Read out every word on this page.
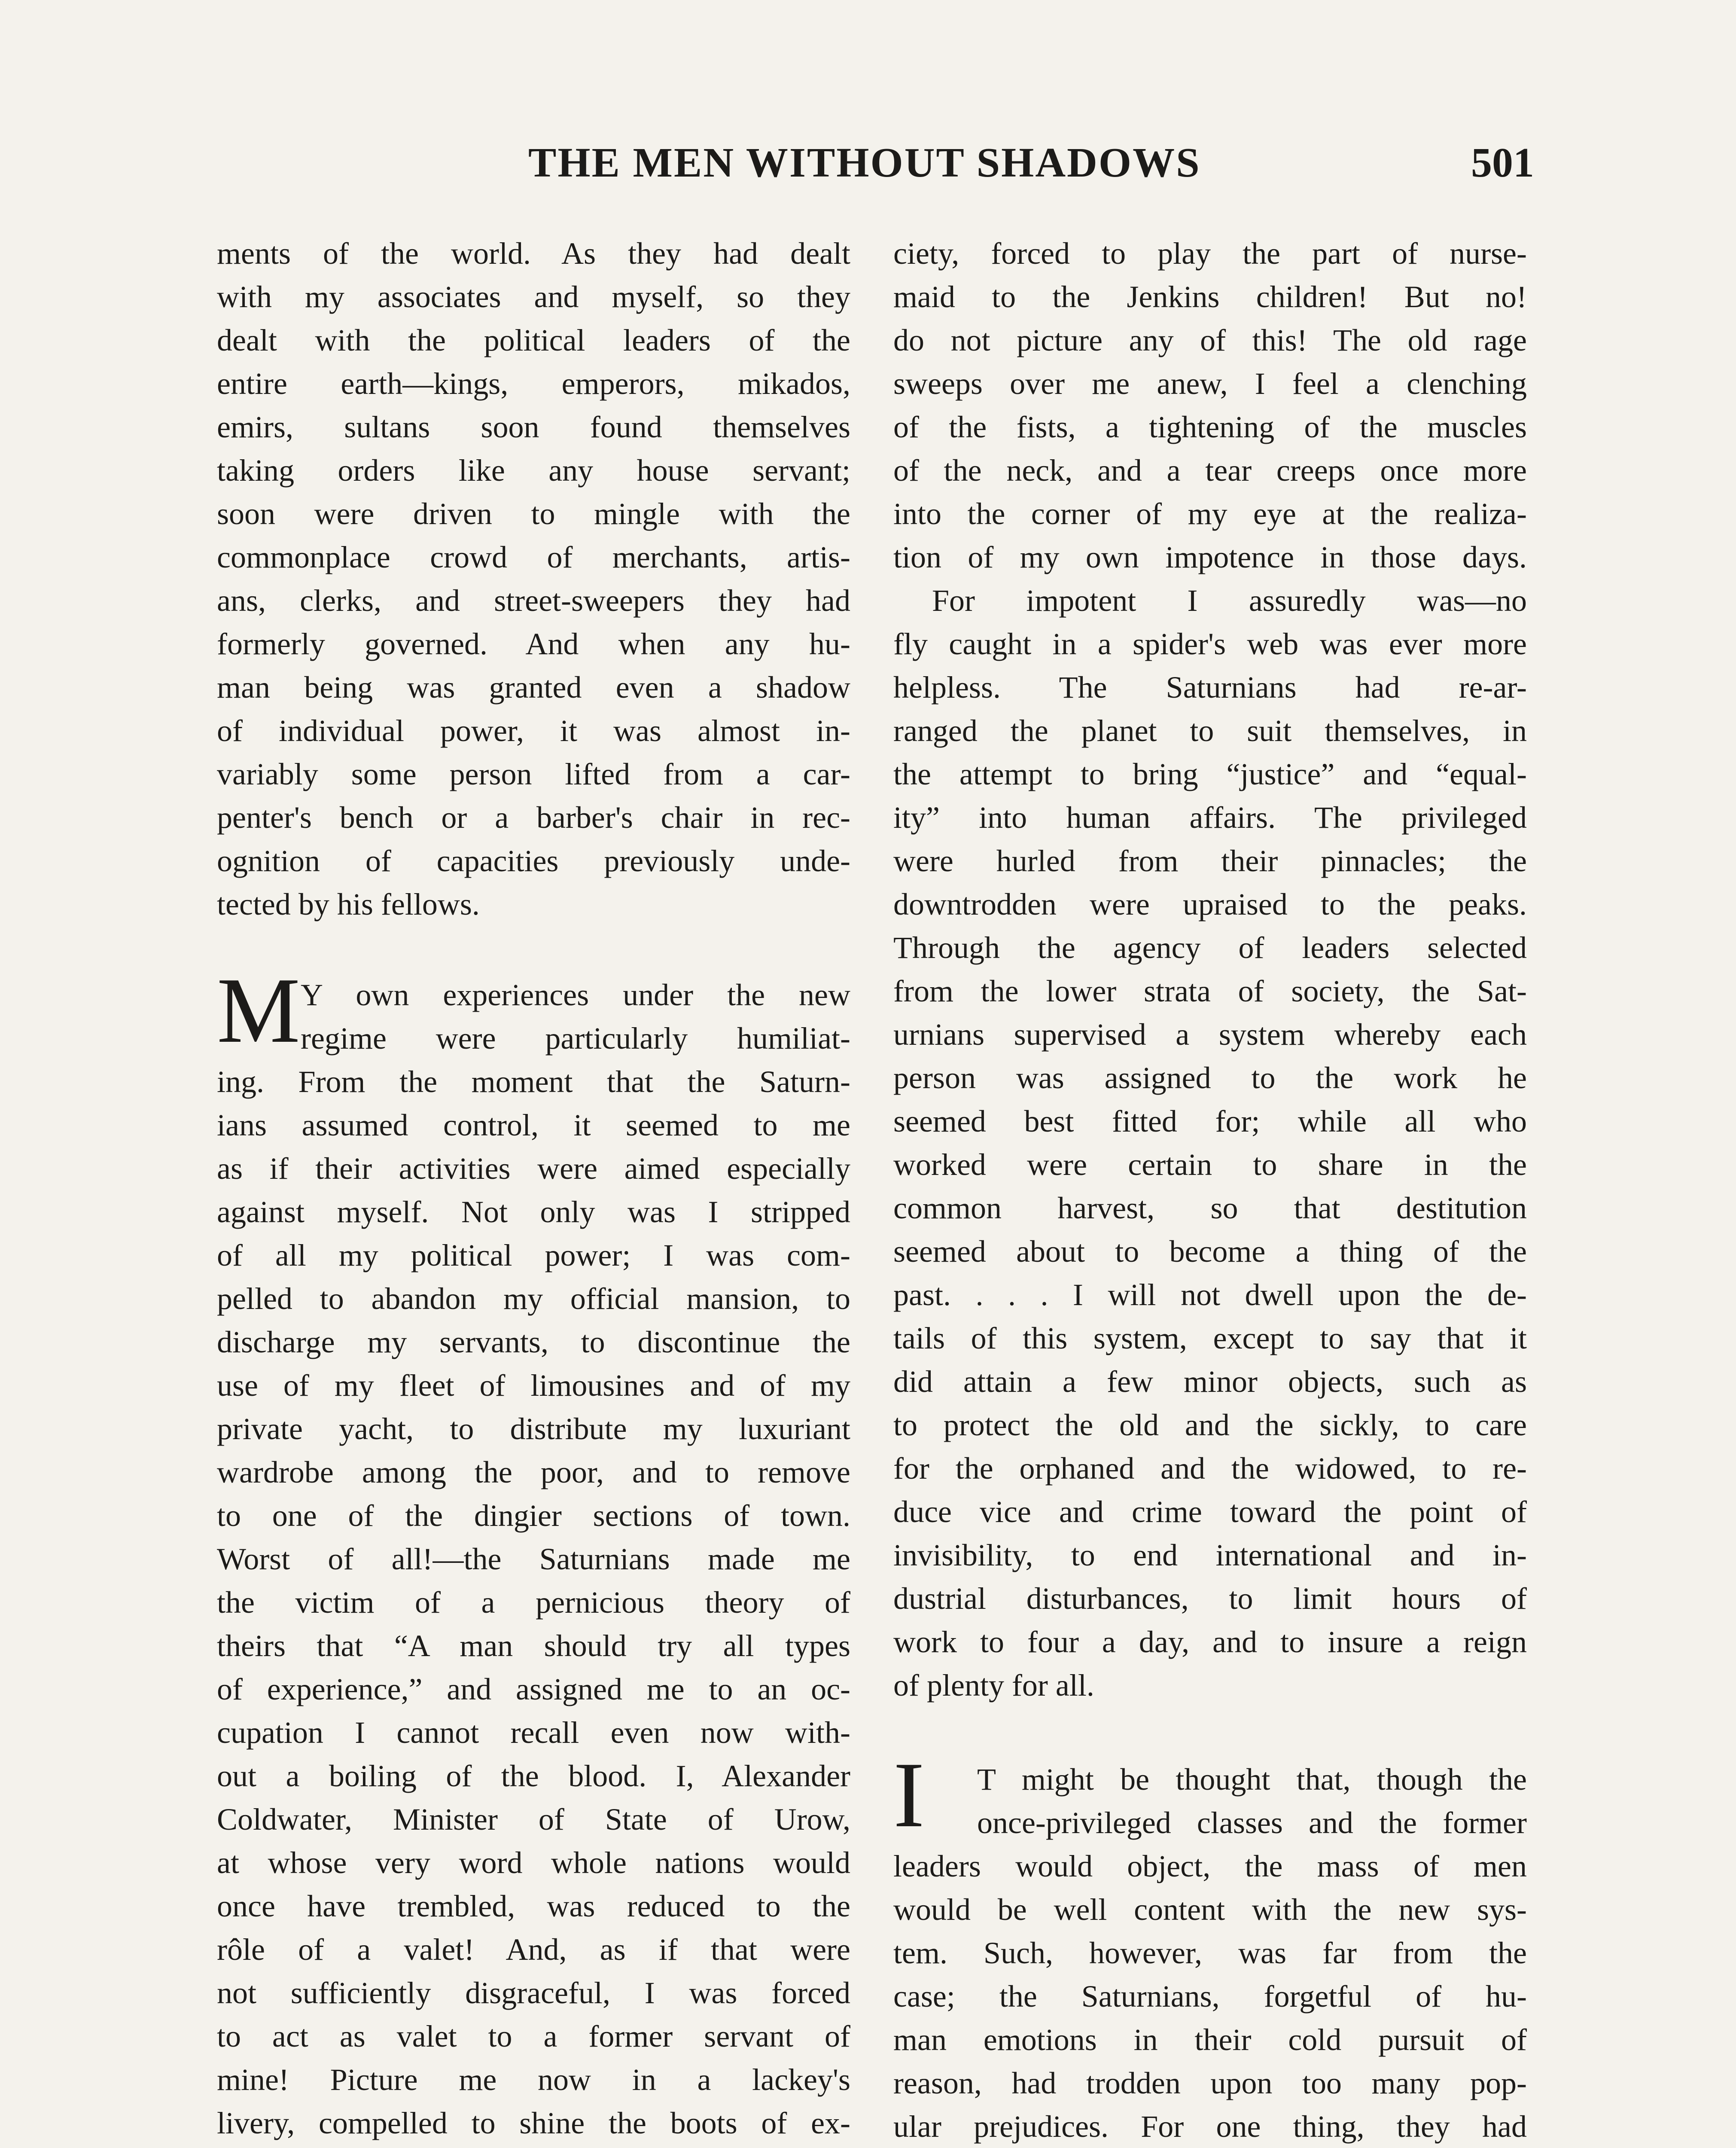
THE MEN WITHOUT SHADOWS	501
ments of the world. As they had dealt
with my associates and myself, so they
dealt with the political leaders of the
entire earth—kings, emperors, mikados,
emirs, sultans soon found themselves
taking orders like any house servant;
soon were driven to mingle with the
commonplace crowd of merchants, artis-
ans, clerks, and street-sweepers they had
formerly governed. And when any hu-
man being was granted even a shadow
of individual power, it was almost in-
variably some person lifted from a car-
penter's bench or a barber's chair in rec-
ognition of capacities previously unde-
tected by his fellows.
M Y own experiences under the new
regime were particularly humiliat-
ing. From the moment that the Saturn-
ians assumed control, it seemed to me
as if their activities were aimed especially
against myself. Not only was I stripped
of all my political power; I was com-
pelled to abandon my official mansion, to
discharge my servants, to discontinue the
use of my fleet of limousines and of my
private yacht, to distribute my luxuriant
wardrobe among the poor, and to remove
to one of the dingier sections of town.
Worst of all!—the Saturnians made me
the victim of a pernicious theory of
theirs that “A man should try all types
of experience,” and assigned me to an oc-
cupation I cannot recall even now with-
out a boiling of the blood. I, Alexander
Coldwater, Minister of State of Urow,
at whose very word whole nations would
once have trembled, was reduced to the
rôle of a valet! And, as if that were
not sufficiently disgraceful, I was forced
to act as valet to a former servant of
mine! Picture me now in a lackey's
livery, compelled to shine the boots of ex-
ciety, forced to play the part of nurse-
maid to the Jenkins children! But no!
do not picture any of this! The old rage
sweeps over me anew, I feel a clenching
of the fists, a tightening of the muscles
of the neck, and a tear creeps once more
into the corner of my eye at the realiza-
tion of my own impotence in those days.
For impotent I assuredly was—no
fly caught in a spider's web was ever more
helpless. The Saturnians had re-ar-
ranged the planet to suit themselves, in
the attempt to bring “justice” and “equal-
ity” into human affairs. The privileged
were hurled from their pinnacles; the
downtrodden were upraised to the peaks.
Through the agency of leaders selected
from the lower strata of society, the Sat-
urnians supervised a system whereby each
person was assigned to the work he
seemed best fitted for; while all who
worked were certain to share in the
common harvest, so that destitution
seemed about to become a thing of the
past. . . . I will not dwell upon the de-
tails of this system, except to say that it
did attain a few minor objects, such as
to protect the old and the sickly, to care
for the orphaned and the widowed, to re-
duce vice and crime toward the point of
invisibility, to end international and in-
dustrial disturbances, to limit hours of
work to four a day, and to insure a reign
of plenty for all.
I	T might be thought that, though the
once-privileged classes and the former
leaders would object, the mass of men
would be well content with the new sys-
tem. Such, however, was far from the
case; the Saturnians, forgetful of hu-
man emotions in their cold pursuit of
reason, had trodden upon too many pop-
ular prejudices. For one thing, they had
